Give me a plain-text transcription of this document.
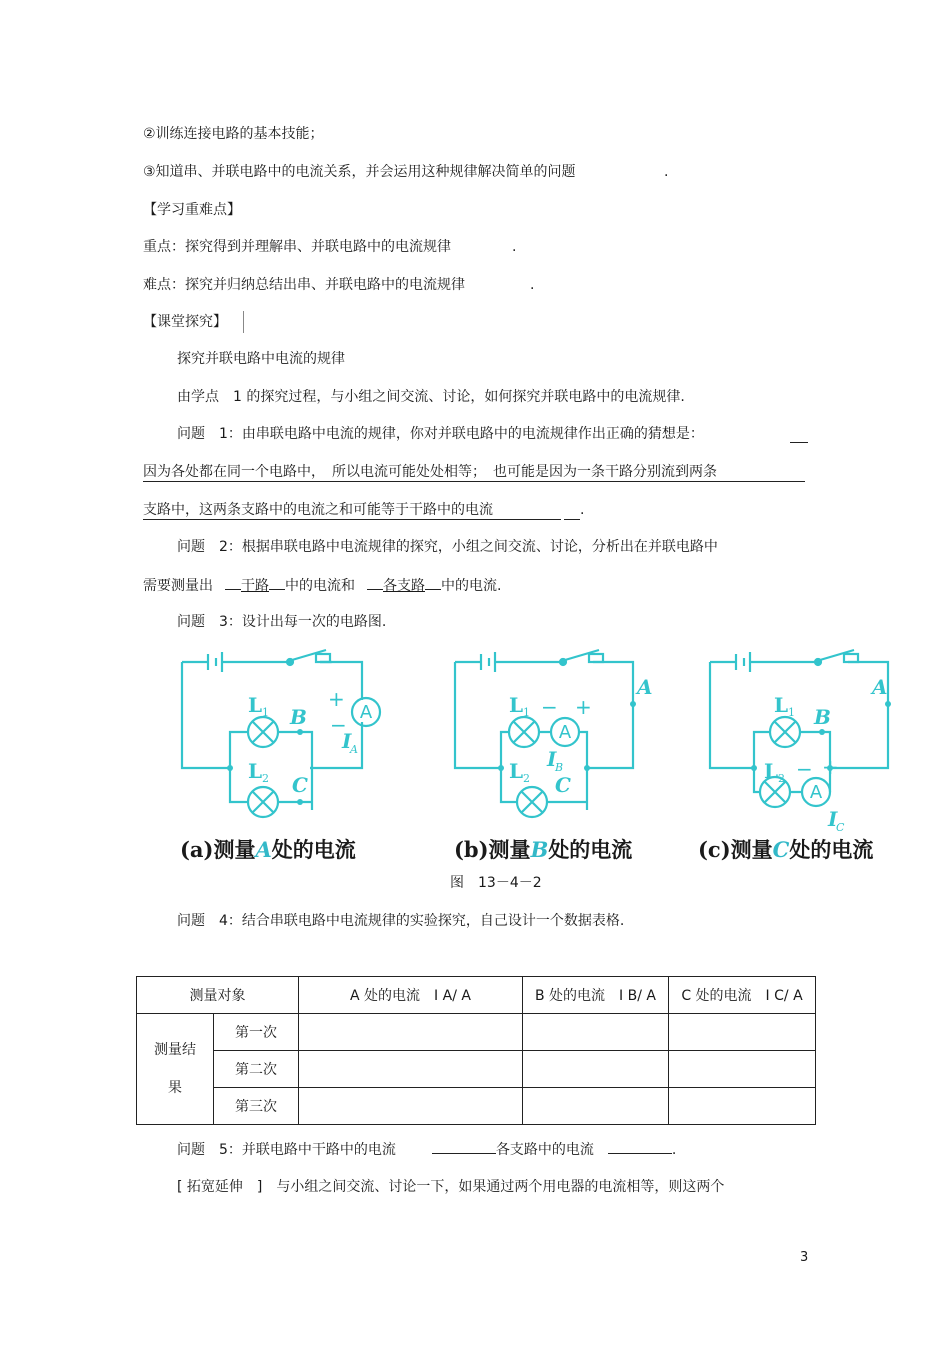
②训练连接电路的基本技能；
③知道串、并联电路中的电流关系，并会运用这种规律解决简单的问题	.
【学习重难点】
重点：探究得到并理解串、并联电路中的电流规律	.
难点：探究并归纳总结出串、并联电路中的电流规律	.
【课堂探究】
探究并联电路中电流的规律
由学点　1 的探究过程，与小组之间交流、讨论，如何探究并联电路中的电流规律.
问题　1：由串联电路中电流的规律，你对并联电路中的电流规律作出正确的猜想是：
因为各处都在同一个电路中，　所以电流可能处处相等；　也可能是因为一条干路分别流到两条
支路中，这两条支路中的电流之和可能等于干路中的电流	.
问题　2：根据串联电路中电流规律的探究，小组之间交流、讨论，分析出在并联电路中
需要测量出 干路 中的电流和 各支路 中的电流.
问题　3：设计出每一次的电路图.
A
+
−
L 1
L 2
B
C
I
A
A
− +
L 1
L 2
A
C
I
B
A
− +
L 1
L 2
B
A
I
C
(a)测量A处的电流	(b)测量B处的电流	(c)测量C处的电流
图　13－4－2
问题　4：结合串联电路中电流规律的实验探究，自己设计一个数据表格.
测量对象		A 处的电流　I A/ A	B 处的电流　I B/ A	C 处的电流　I C/ A
测量结
果	第一次			
	第二次			
	第三次			
问题　5：并联电路中干路中的电流	各支路中的电流	.
[ 拓宽延伸　]　与小组之间交流、讨论一下，如果通过两个用电器的电流相等，则这两个
3
